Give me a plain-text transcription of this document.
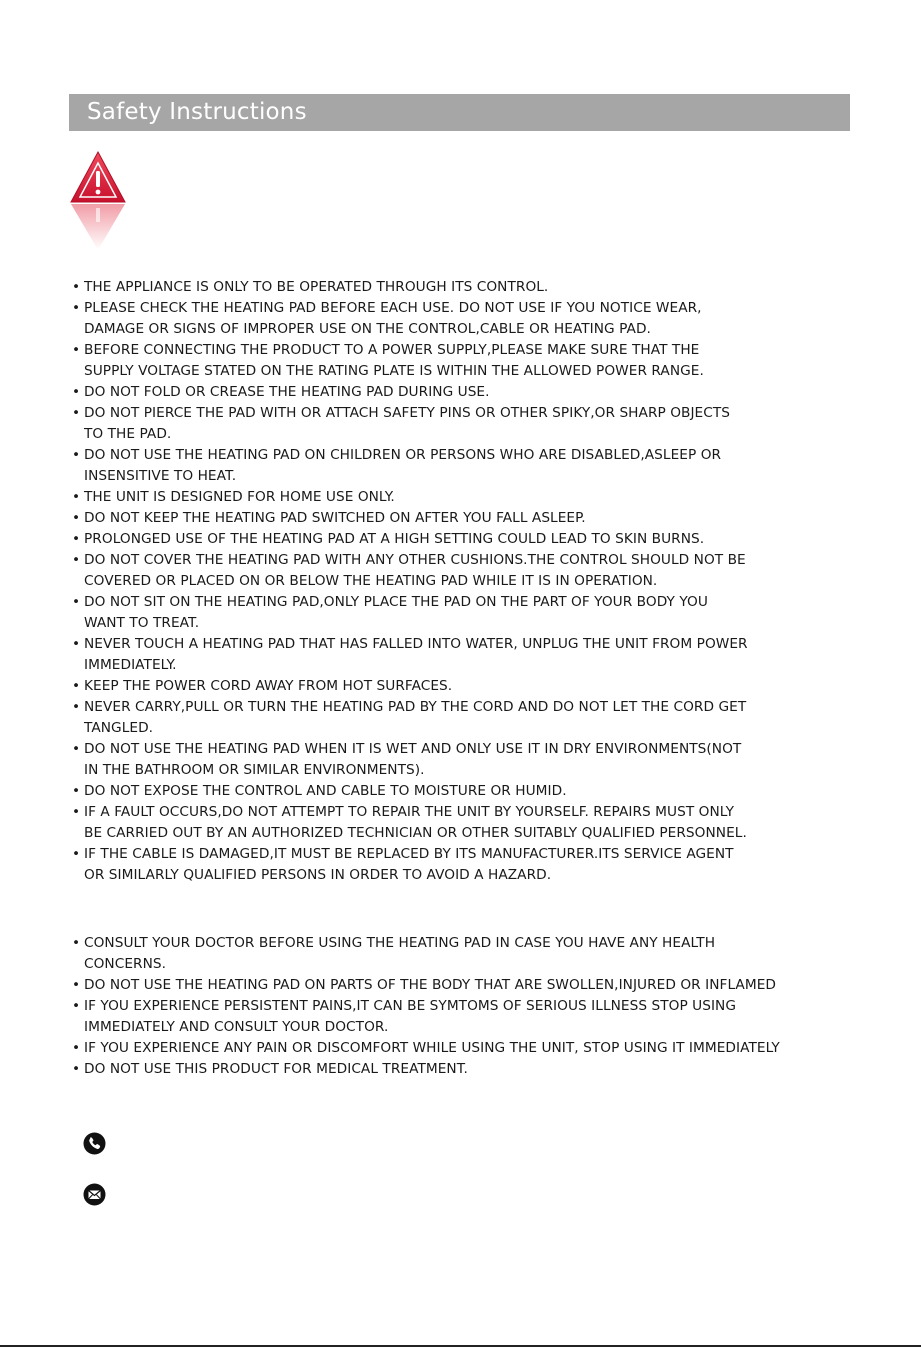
Safety Instructions
• THE APPLIANCE IS ONLY TO BE OPERATED THROUGH ITS CONTROL.
• PLEASE CHECK THE HEATING PAD BEFORE EACH USE. DO NOT USE IF YOU NOTICE WEAR,
DAMAGE OR SIGNS OF IMPROPER USE ON THE CONTROL,CABLE OR HEATING PAD.
• BEFORE CONNECTING THE PRODUCT TO A POWER SUPPLY,PLEASE MAKE SURE THAT THE
SUPPLY VOLTAGE STATED ON THE RATING PLATE IS WITHIN THE ALLOWED POWER RANGE.
• DO NOT FOLD OR CREASE THE HEATING PAD DURING USE.
• DO NOT PIERCE THE PAD WITH OR ATTACH SAFETY PINS OR OTHER SPIKY,OR SHARP OBJECTS
TO THE PAD.
• DO NOT USE THE HEATING PAD ON CHILDREN OR PERSONS WHO ARE DISABLED,ASLEEP OR
INSENSITIVE TO HEAT.
• THE UNIT IS DESIGNED FOR HOME USE ONLY.
• DO NOT KEEP THE HEATING PAD SWITCHED ON AFTER YOU FALL ASLEEP.
• PROLONGED USE OF THE HEATING PAD AT A HIGH SETTING COULD LEAD TO SKIN BURNS.
• DO NOT COVER THE HEATING PAD WITH ANY OTHER CUSHIONS.THE CONTROL SHOULD NOT BE
COVERED OR PLACED ON OR BELOW THE HEATING PAD WHILE IT IS IN OPERATION.
• DO NOT SIT ON THE HEATING PAD,ONLY PLACE THE PAD ON THE PART OF YOUR BODY YOU
WANT TO TREAT.
• NEVER TOUCH A HEATING PAD THAT HAS FALLED INTO WATER, UNPLUG THE UNIT FROM POWER
IMMEDIATELY.
• KEEP THE POWER CORD AWAY FROM HOT SURFACES.
• NEVER CARRY,PULL OR TURN THE HEATING PAD BY THE CORD AND DO NOT LET THE CORD GET
TANGLED.
• DO NOT USE THE HEATING PAD WHEN IT IS WET AND ONLY USE IT IN DRY ENVIRONMENTS(NOT
IN THE BATHROOM OR SIMILAR ENVIRONMENTS).
• DO NOT EXPOSE THE CONTROL AND CABLE TO MOISTURE OR HUMID.
• IF A FAULT OCCURS,DO NOT ATTEMPT TO REPAIR THE UNIT BY YOURSELF. REPAIRS MUST ONLY
BE CARRIED OUT BY AN AUTHORIZED TECHNICIAN OR OTHER SUITABLY QUALIFIED PERSONNEL.
• IF THE CABLE IS DAMAGED,IT MUST BE REPLACED BY ITS MANUFACTURER.ITS SERVICE AGENT
OR SIMILARLY QUALIFIED PERSONS IN ORDER TO AVOID A HAZARD.
• CONSULT YOUR DOCTOR BEFORE USING THE HEATING PAD IN CASE YOU HAVE ANY HEALTH
CONCERNS.
• DO NOT USE THE HEATING PAD ON PARTS OF THE BODY THAT ARE SWOLLEN,INJURED OR INFLAMED
• IF YOU EXPERIENCE PERSISTENT PAINS,IT CAN BE SYMTOMS OF SERIOUS ILLNESS STOP USING
IMMEDIATELY AND CONSULT YOUR DOCTOR.
• IF YOU EXPERIENCE ANY PAIN OR DISCOMFORT WHILE USING THE UNIT, STOP USING IT IMMEDIATELY
• DO NOT USE THIS PRODUCT FOR MEDICAL TREATMENT.
